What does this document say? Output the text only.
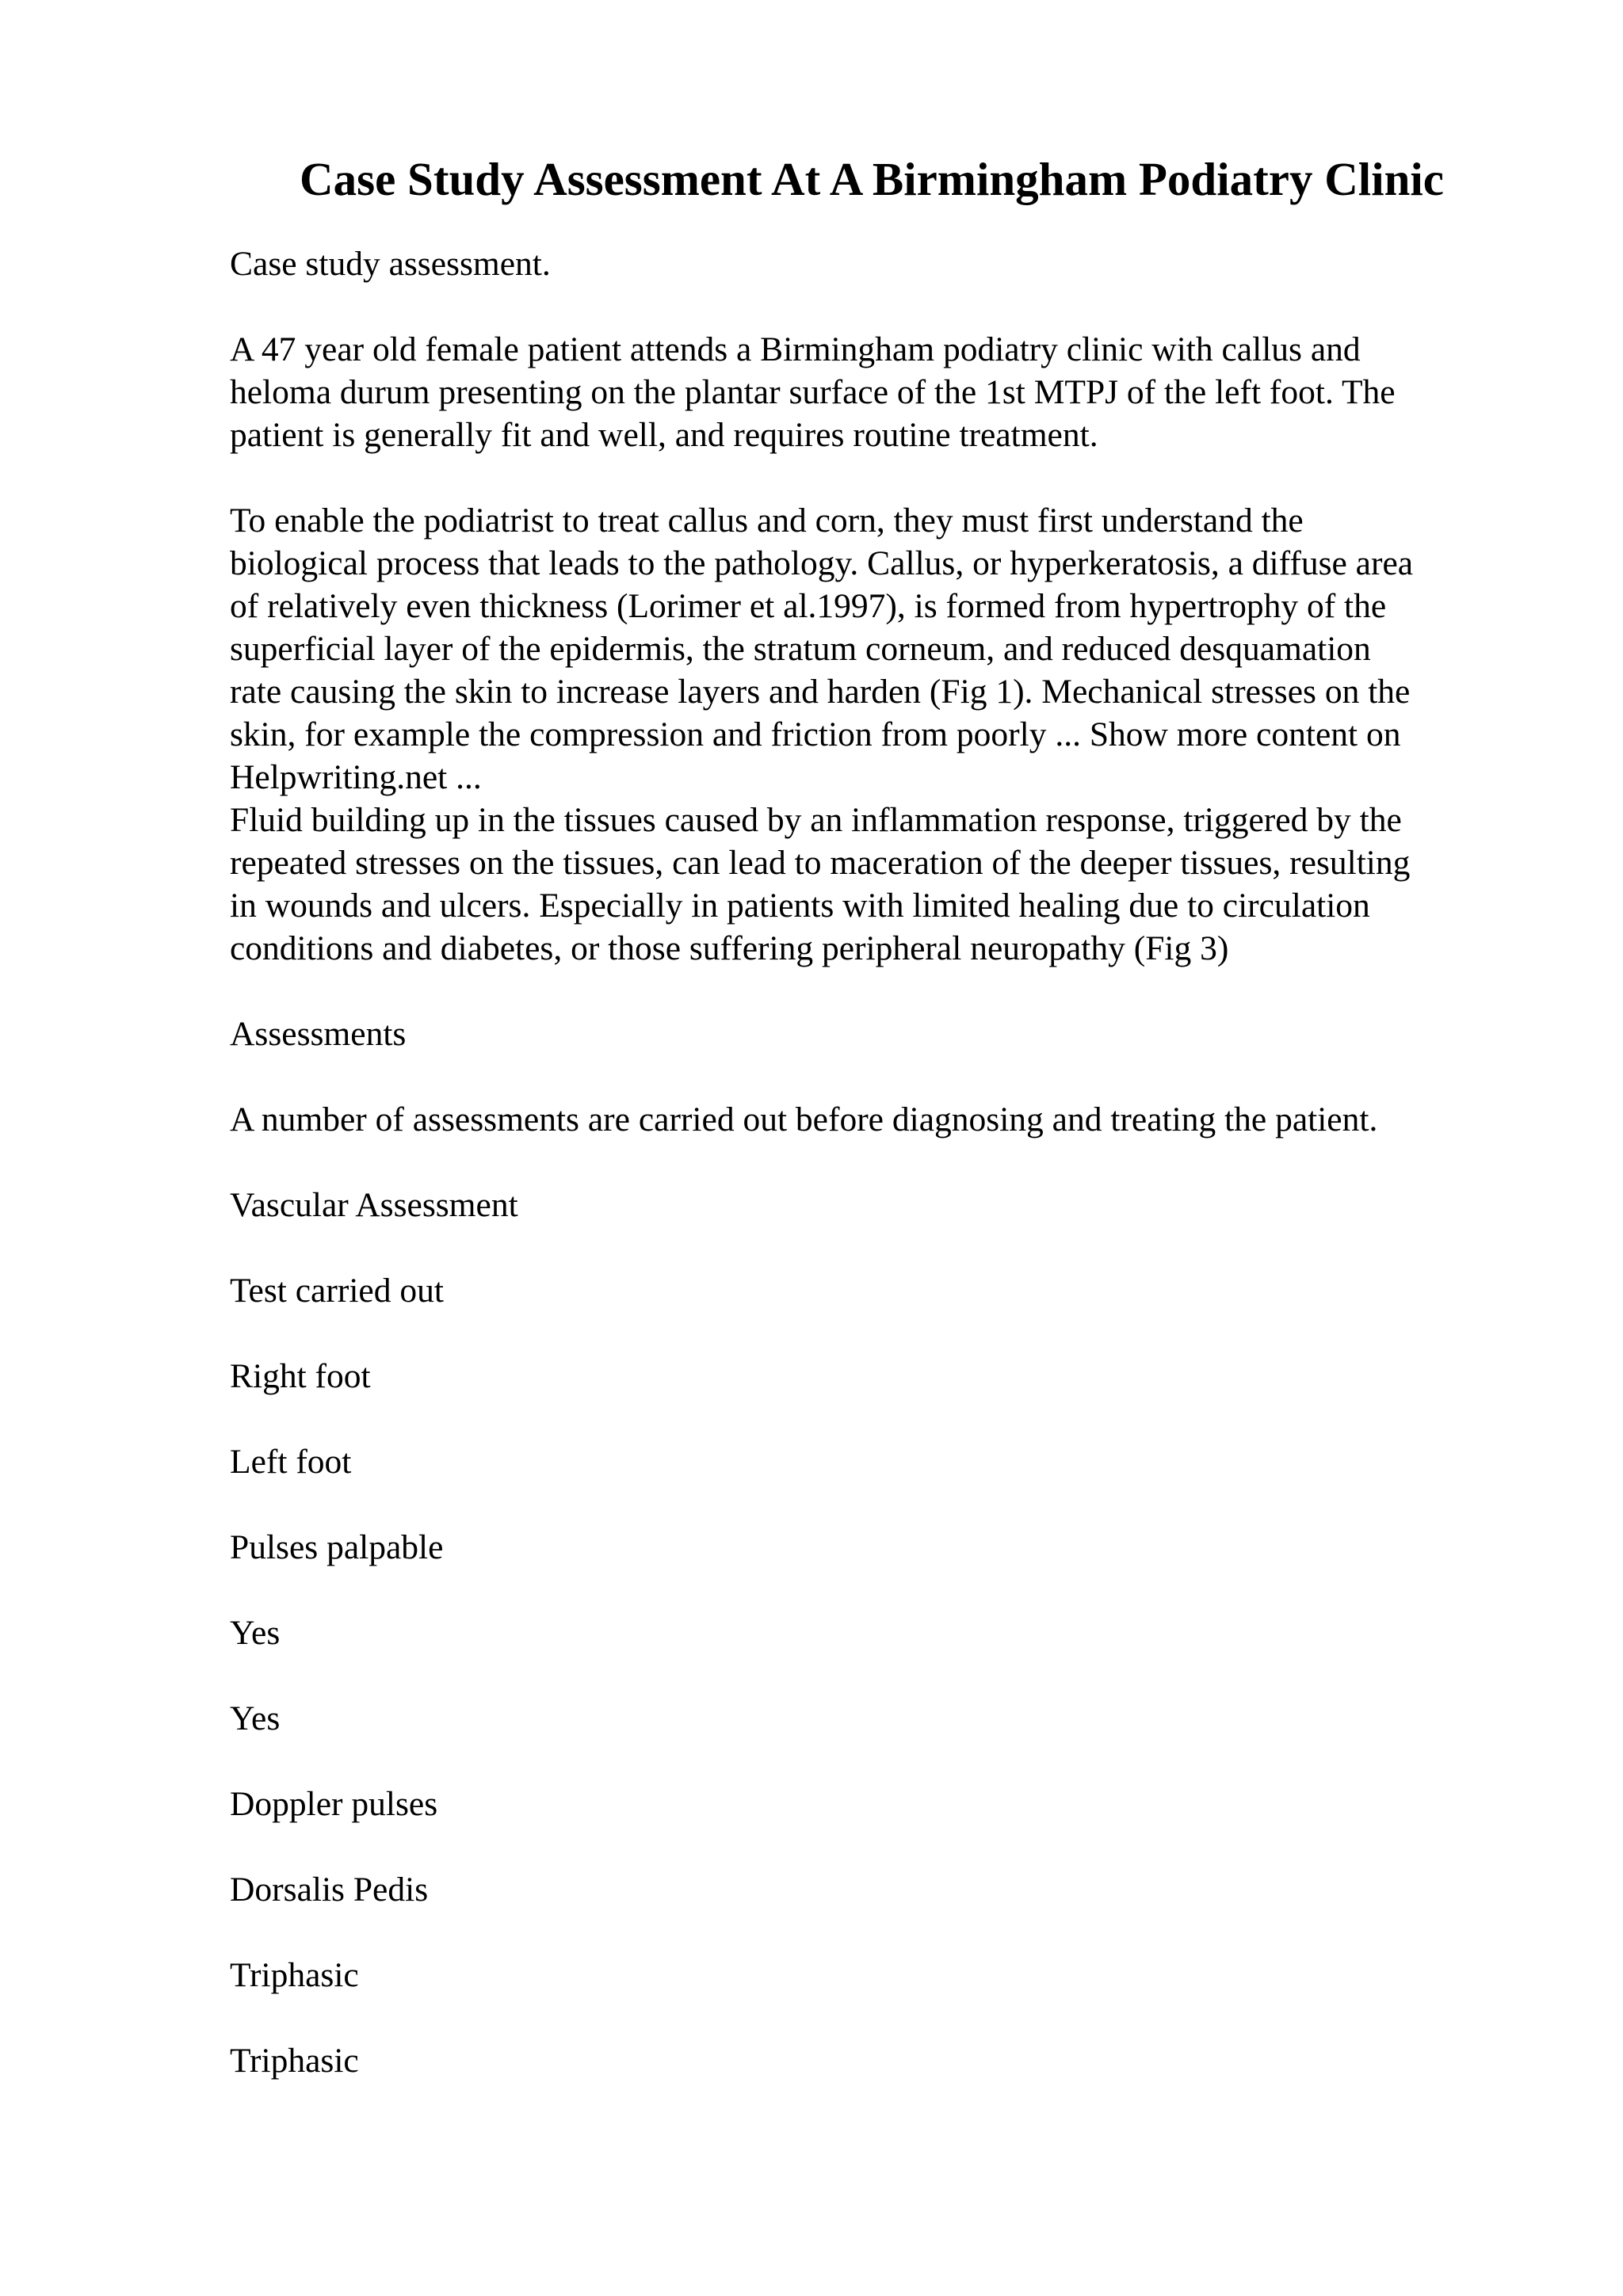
Case Study Assessment At A Birmingham Podiatry Clinic

Case study assessment.

A 47 year old female patient attends a Birmingham podiatry clinic with callus and
heloma durum presenting on the plantar surface of the 1st MTPJ of the left foot. The
patient is generally fit and well, and requires routine treatment.

To enable the podiatrist to treat callus and corn, they must first understand the
biological process that leads to the pathology. Callus, or hyperkeratosis, a diffuse area
of relatively even thickness (Lorimer et al.1997), is formed from hypertrophy of the
superficial layer of the epidermis, the stratum corneum, and reduced desquamation
rate causing the skin to increase layers and harden (Fig 1). Mechanical stresses on the
skin, for example the compression and friction from poorly ... Show more content on
Helpwriting.net ...

Fluid building up in the tissues caused by an inflammation response, triggered by the
repeated stresses on the tissues, can lead to maceration of the deeper tissues, resulting
in wounds and ulcers. Especially in patients with limited healing due to circulation
conditions and diabetes, or those suffering peripheral neuropathy (Fig 3)

Assessments

A number of assessments are carried out before diagnosing and treating the patient.

Vascular Assessment

Test carried out

Right foot

Left foot

Pulses palpable

Yes

Yes

Doppler pulses

Dorsalis Pedis

Triphasic

Triphasic
